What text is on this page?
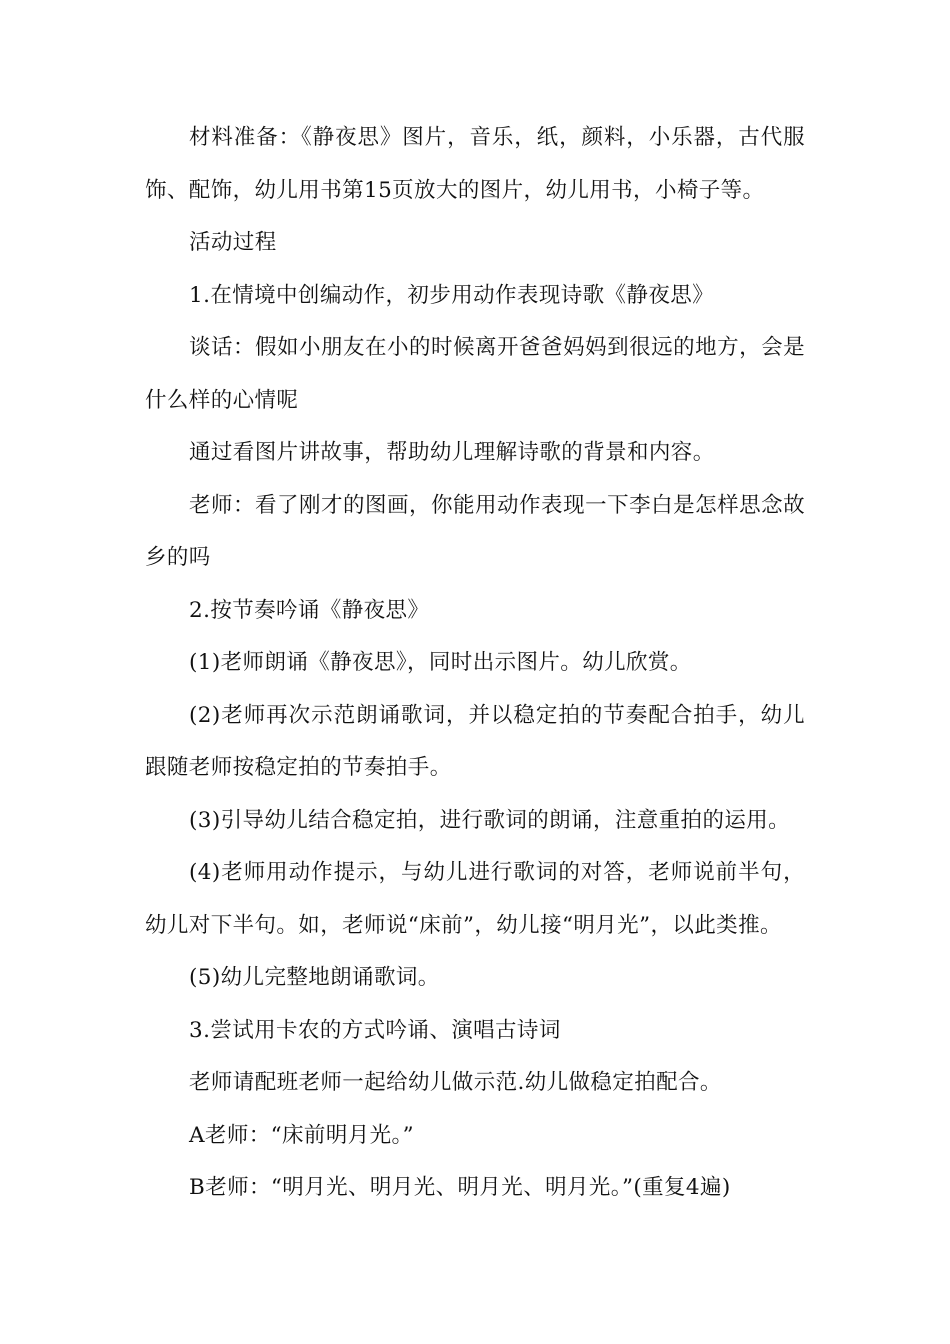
材料准备：《静夜思》图片，音乐，纸，颜料，小乐器，古代服饰、配饰，幼儿用书第15页放大的图片，幼儿用书，小椅子等。

活动过程

1.在情境中创编动作，初步用动作表现诗歌《静夜思》

谈话：假如小朋友在小的时候离开爸爸妈妈到很远的地方，会是什么样的心情呢

通过看图片讲故事，帮助幼儿理解诗歌的背景和内容。

老师：看了刚才的图画，你能用动作表现一下李白是怎样思念故乡的吗

2.按节奏吟诵《静夜思》

(1)老师朗诵《静夜思》，同时出示图片。幼儿欣赏。

(2)老师再次示范朗诵歌词，并以稳定拍的节奏配合拍手，幼儿跟随老师按稳定拍的节奏拍手。

(3)引导幼儿结合稳定拍，进行歌词的朗诵，注意重拍的运用。

(4)老师用动作提示，与幼儿进行歌词的对答，老师说前半句，幼儿对下半句。如，老师说“床前”，幼儿接“明月光”，以此类推。

(5)幼儿完整地朗诵歌词。

3.尝试用卡农的方式吟诵、演唱古诗词

老师请配班老师一起给幼儿做示范.幼儿做稳定拍配合。

A老师：“床前明月光。”

B老师：“明月光、明月光、明月光、明月光。”(重复4遍)
